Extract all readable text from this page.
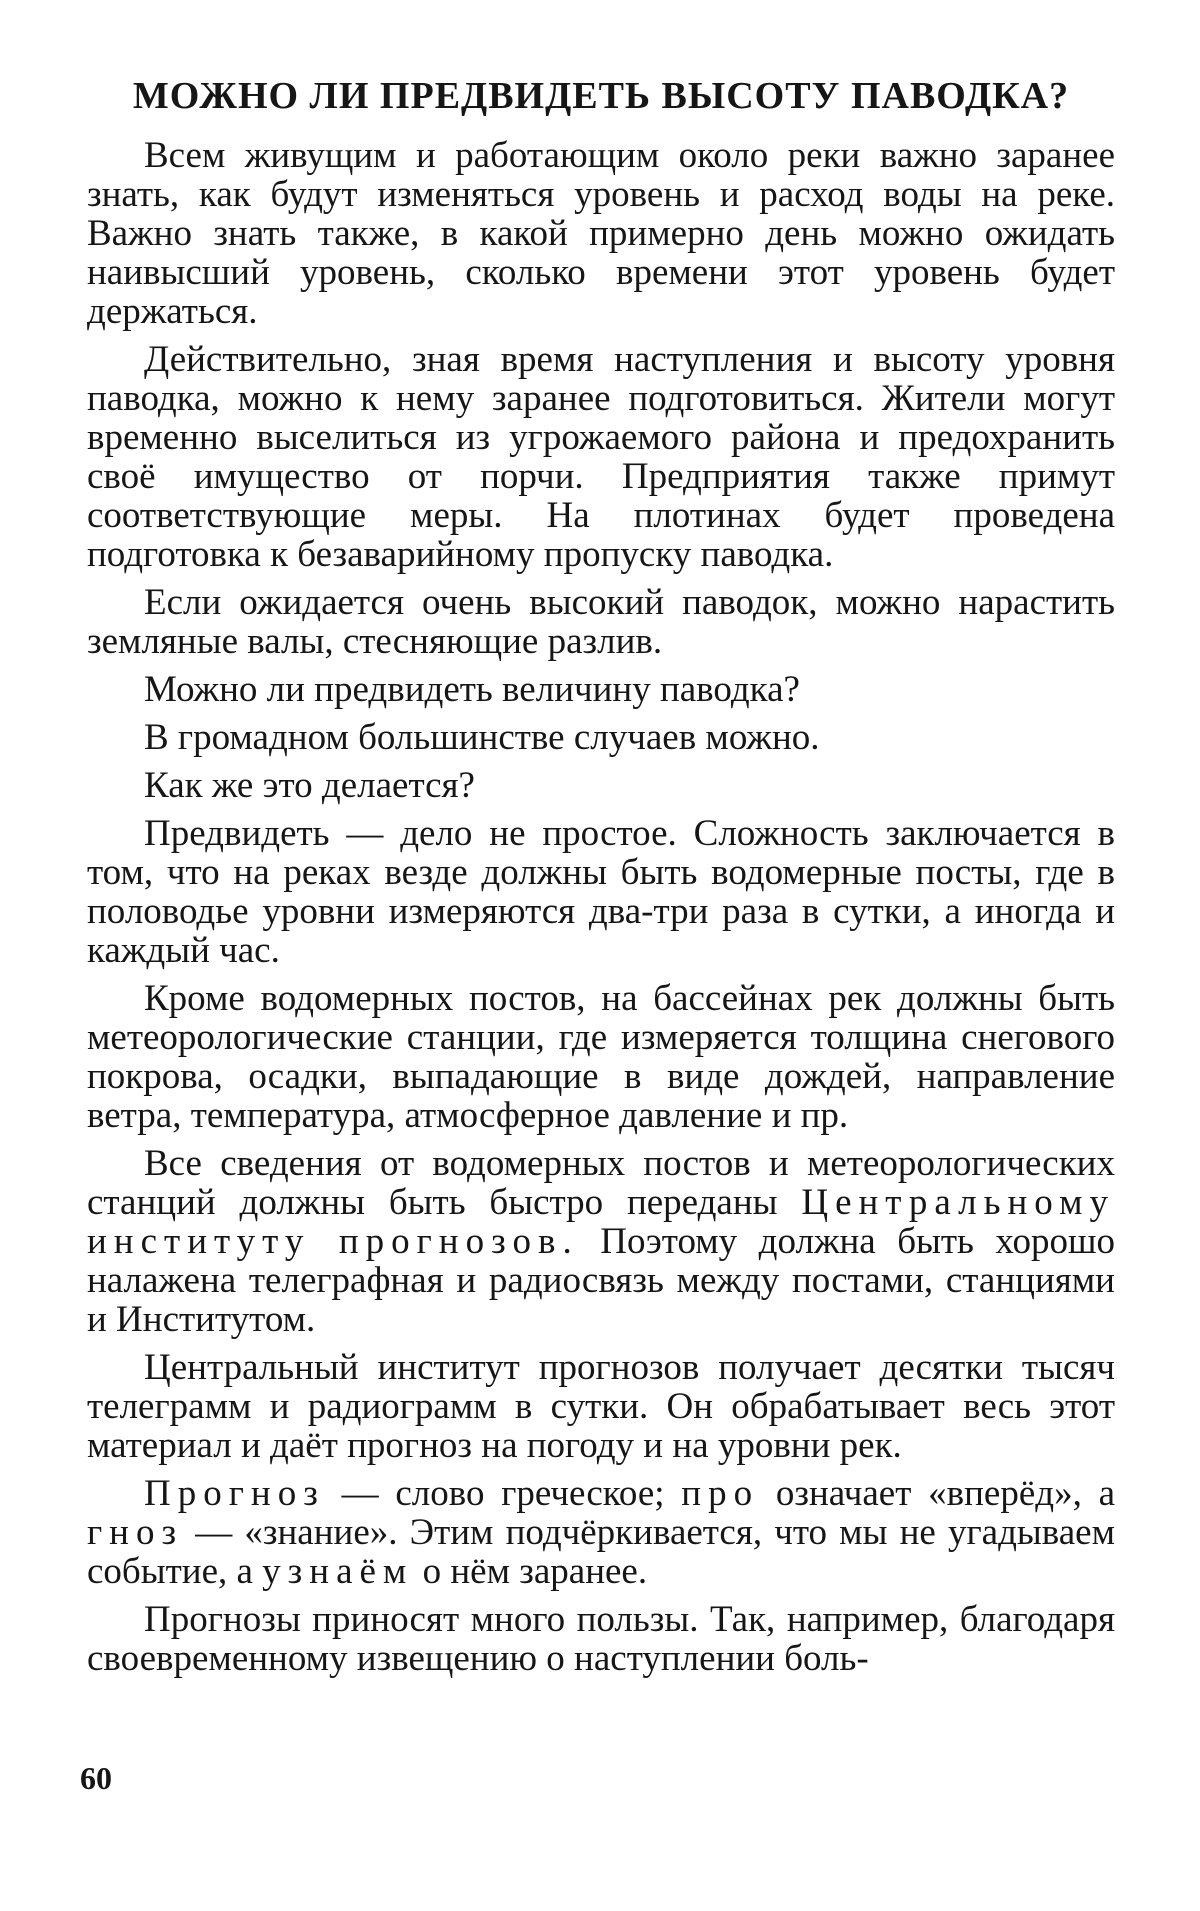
МОЖНО ЛИ ПРЕДВИДЕТЬ ВЫСОТУ ПАВОДКА?

Всем живущим и работающим около реки важно заранее знать, как будут изменяться уровень и расход воды на реке. Важно знать также, в какой примерно день можно ожидать наивысший уровень, сколько времени этот уровень будет держаться.

Действительно, зная время наступления и высоту уровня паводка, можно к нему заранее подготовиться. Жители могут временно выселиться из угрожаемого района и предохранить своё имущество от порчи. Предприятия также примут соответствующие меры. На плотинах будет проведена подготовка к безаварийному пропуску паводка.

Если ожидается очень высокий паводок, можно нарастить земляные валы, стесняющие разлив.

Можно ли предвидеть величину паводка?

В громадном большинстве случаев можно.

Как же это делается?

Предвидеть — дело не простое. Сложность заключается в том, что на реках везде должны быть водомерные посты, где в половодье уровни измеряются два-три раза в сутки, а иногда и каждый час.

Кроме водомерных постов, на бассейнах рек должны быть метеорологические станции, где измеряется толщина снегового покрова, осадки, выпадающие в виде дождей, направление ветра, температура, атмосферное давление и пр.

Все сведения от водомерных постов и метеорологических станций должны быть быстро переданы Центральному институту прогнозов. Поэтому должна быть хорошо налажена телеграфная и радиосвязь между постами, станциями и Институтом.

Центральный институт прогнозов получает десятки тысяч телеграмм и радиограмм в сутки. Он обрабатывает весь этот материал и даёт прогноз на погоду и на уровни рек.

Прогноз — слово греческое; про означает «вперёд», а гноз — «знание». Этим подчёркивается, что мы не угадываем событие, а узнаём о нём заранее.

Прогнозы приносят много пользы. Так, например, благодаря своевременному извещению о наступлении боль-

60
